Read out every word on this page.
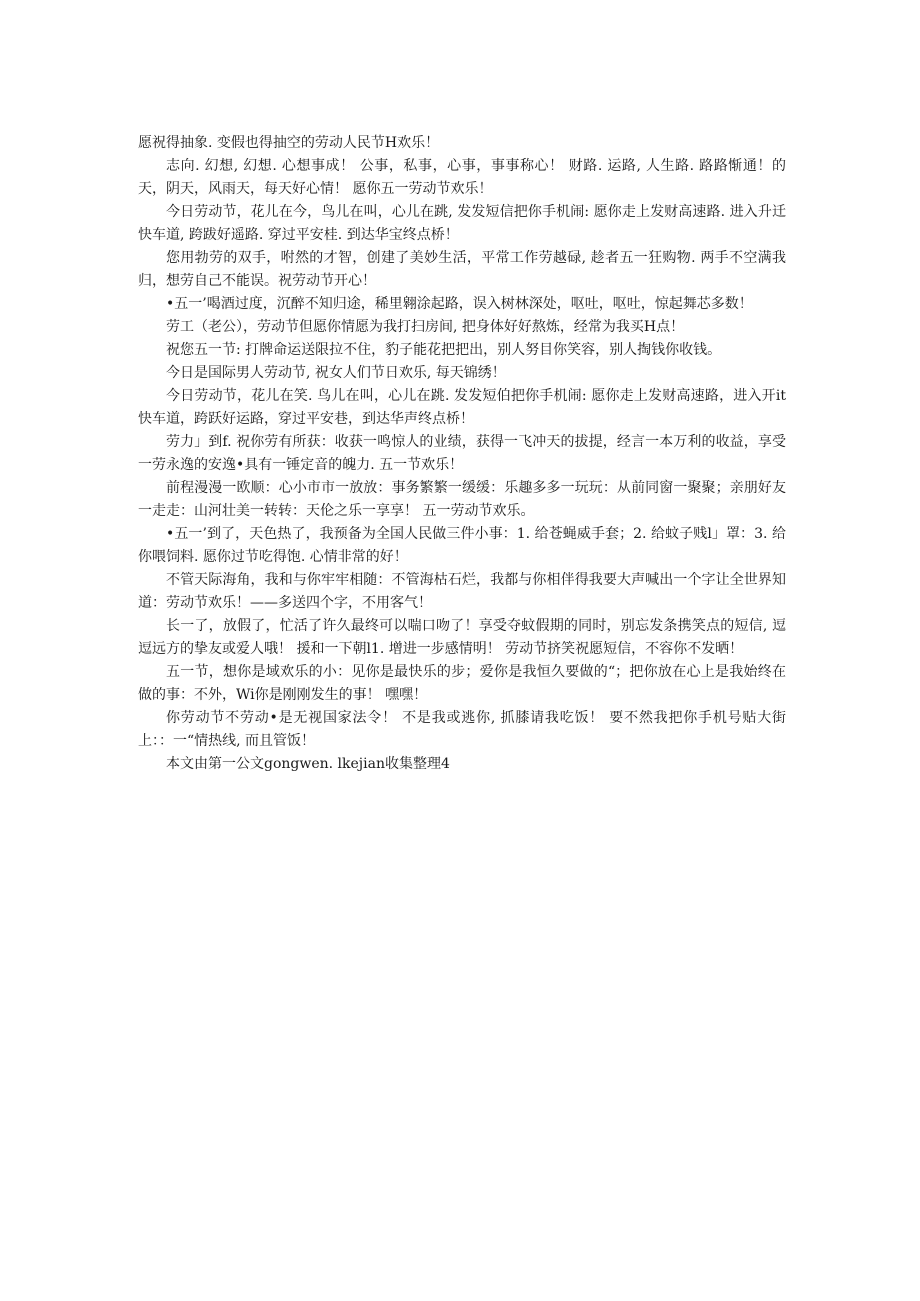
愿祝得抽象. 变假也得抽空的劳动人民节H欢乐！

志向. 幻想, 幻想. 心想事成！ 公事，私事，心事，事事称心！ 财路. 运路, 人生路. 路路惭通！的天，阴天，风雨天，每天好心情！ 愿你五一劳动节欢乐！

今日劳动节，花儿在今，鸟儿在叫，心儿在跳, 发发短信把你手机闹: 愿你走上发财高速路. 进入升迁快车道, 跨跋好遥路. 穿过平安桂. 到达华宝终点桥！

您用勃劳的双手，咐然的才智，创建了美妙生活，平常工作劳越碌, 趁者五一狂购物. 两手不空满我归，想劳自己不能误。祝劳动节开心！

•五一’喝酒过度，沉醉不知归途，稀里翱涂起路，误入树林深处，呕吐，呕吐，惊起舞芯多数！

劳工（老公），劳动节但愿你情愿为我打扫房间, 把身体好好熬炼，经常为我买H点！

祝您五一节: 打牌命运送限拉不住，豹子能花把把出，别人努目你笑容，别人掏钱你收钱。

今日是国际男人劳动节, 祝女人们节日欢乐, 每天锦绣！

今日劳动节，花儿在笑. 鸟儿在叫，心儿在跳. 发发短伯把你手机闹: 愿你走上发财高速路，进入开it快车道，跨跃好运路，穿过平安巷，到达华声终点桥！

劳力」到f. 祝你劳有所获：收获一鸣惊人的业绩，获得一飞冲天的拔提，经言一本万利的收益，享受一劳永逸的安逸•具有一锤定音的魄力. 五一节欢乐！

前程漫漫一欧顺：心小市市一放放：事务繁繁一缓缓：乐趣多多一玩玩：从前同窗一聚聚；亲朋好友一走走：山河壮美一转转：天伦之乐一享享！ 五一劳动节欢乐。

•五一’到了，天色热了，我预备为全国人民做三件小事：1. 给苍蝇威手套；2. 给蚊子贱l」罩：3. 给你喂饲料. 愿你过节吃得饱. 心情非常的好！

不管天际海角，我和与你牢牢相随：不管海枯石烂，我都与你相伴得我要大声喊出一个字让全世界知道：劳动节欢乐！——多送四个字，不用客气！

长一了，放假了，忙活了许久最终可以喘口吻了！享受夺蚊假期的同时，别忘发条携笑点的短信, 逗逗远方的挚友或爱人哦！ 援和一下朝l1. 增进一步感情明！ 劳动节挤笑祝愿短信，不容你不发晒！

五一节，想你是域欢乐的小：见你是最快乐的步；爱你是我恒久要做的“；把你放在心上是我始终在做的事：不外，Wi你是刚刚发生的事！ 嘿嘿！

你劳动节不劳动•是无视国家法令！ 不是我或逃你, 抓膝请我吃饭！ 要不然我把你手机号贴大街上：：一“情热线, 而且管饭！

本文由第一公文gongwen. lkejian收集整理4
